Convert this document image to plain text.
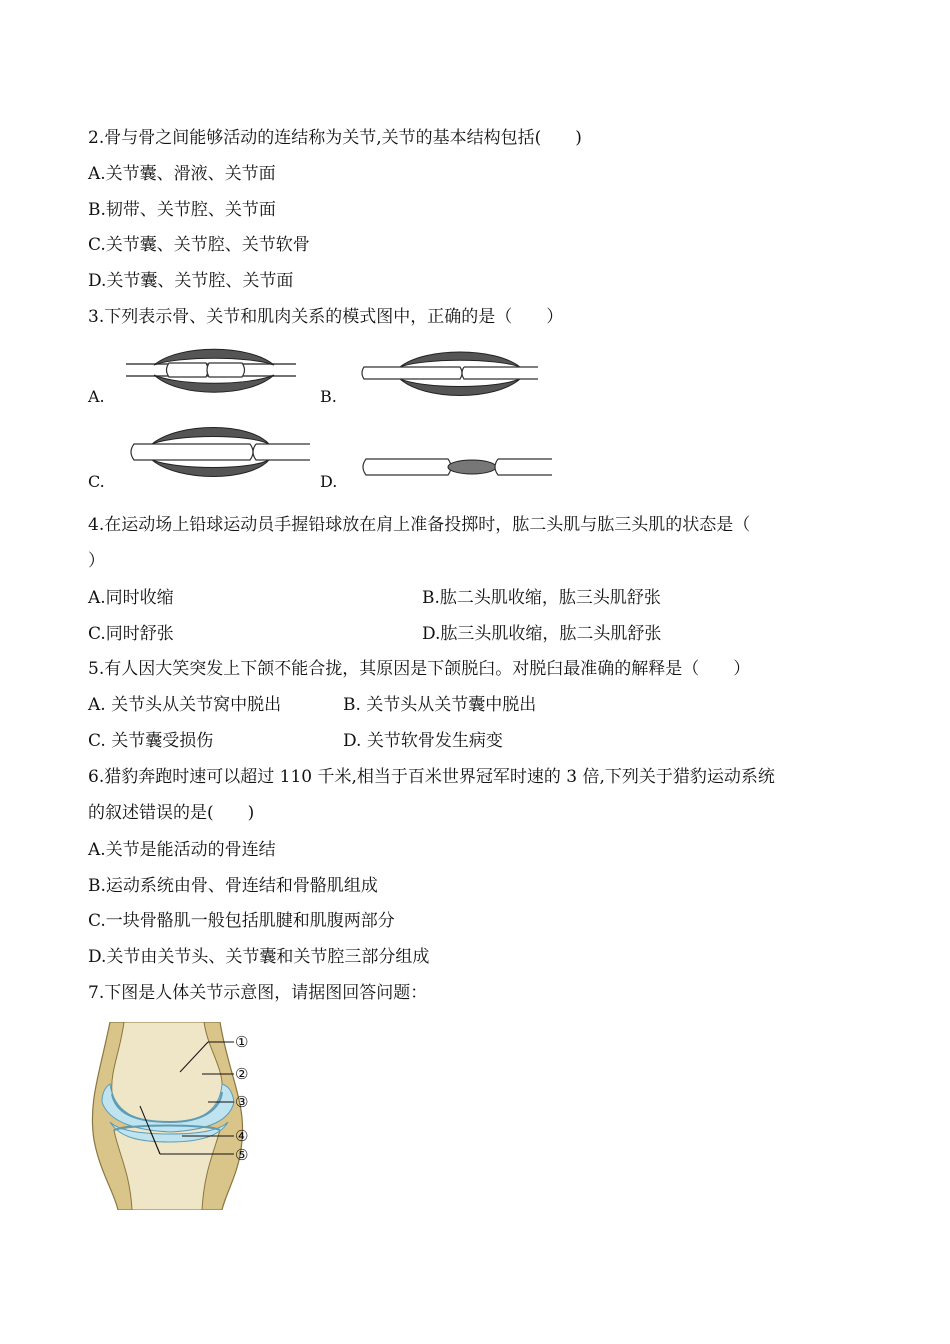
2.骨与骨之间能够活动的连结称为关节,关节的基本结构包括(　　)
A.关节囊、滑液、关节面
B.韧带、关节腔、关节面
C.关节囊、关节腔、关节软骨
D.关节囊、关节腔、关节面
3.下列表示骨、关节和肌肉关系的模式图中，正确的是（　　）
A.	B.
C.	D.
4.在运动场上铅球运动员手握铅球放在肩上准备投掷时，肱二头肌与肱三头肌的状态是（
）
A.同时收缩	B.肱二头肌收缩，肱三头肌舒张
C.同时舒张	D.肱三头肌收缩，肱二头肌舒张
5.有人因大笑突发上下颌不能合拢，其原因是下颌脱臼。对脱臼最准确的解释是（　　）
A. 关节头从关节窝中脱出	B. 关节头从关节囊中脱出
C. 关节囊受损伤	D. 关节软骨发生病变
6.猎豹奔跑时速可以超过 110 千米,相当于百米世界冠军时速的 3 倍,下列关于猎豹运动系统
的叙述错误的是(　　)
A.关节是能活动的骨连结
B.运动系统由骨、骨连结和骨骼肌组成
C.一块骨骼肌一般包括肌腱和肌腹两部分
D.关节由关节头、关节囊和关节腔三部分组成
7.下图是人体关节示意图，请据图回答问题：
①
②
③
④
⑤
